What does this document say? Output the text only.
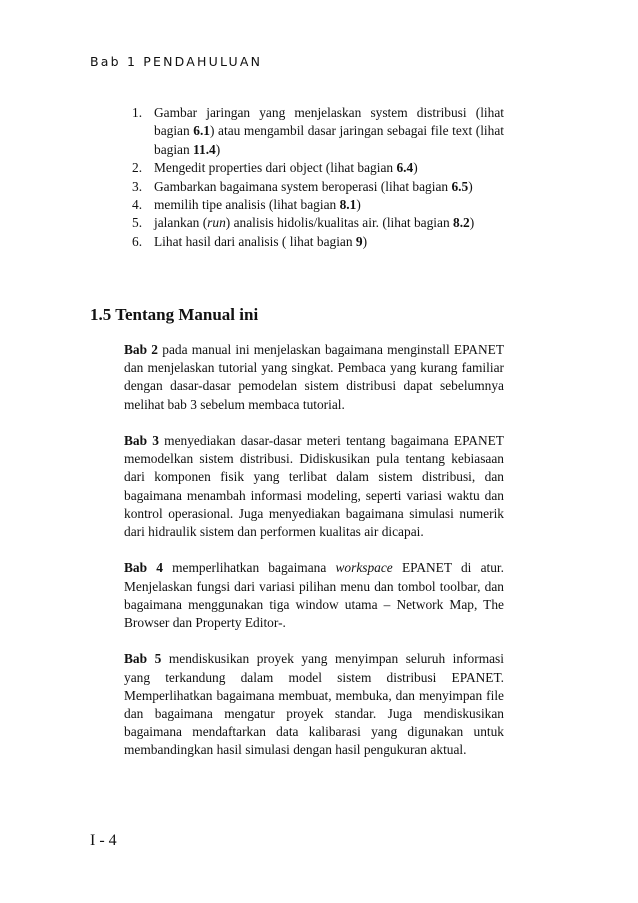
Bab 1 PENDAHULUAN
1. Gambar jaringan yang menjelaskan system distribusi (lihat bagian 6.1) atau mengambil dasar jaringan sebagai file text (lihat bagian 11.4)
2. Mengedit properties dari object (lihat bagian 6.4)
3. Gambarkan bagaimana system beroperasi (lihat bagian 6.5)
4. memilih tipe analisis (lihat bagian 8.1)
5. jalankan (run) analisis hidolis/kualitas air. (lihat bagian 8.2)
6. Lihat hasil dari analisis ( lihat bagian 9)
1.5 Tentang Manual ini

Bab 2 pada manual ini menjelaskan bagaimana menginstall EPANET dan menjelaskan tutorial yang singkat. Pembaca yang kurang familiar dengan dasar-dasar pemodelan sistem distribusi dapat sebelumnya melihat bab 3 sebelum membaca tutorial.

Bab 3 menyediakan dasar-dasar meteri tentang bagaimana EPANET memodelkan sistem distribusi. Didiskusikan pula tentang kebiasaan dari komponen fisik yang terlibat dalam sistem distribusi, dan bagaimana menambah informasi modeling, seperti variasi waktu dan kontrol operasional. Juga menyediakan bagaimana simulasi numerik dari hidraulik sistem dan performen kualitas air dicapai.

Bab 4 memperlihatkan bagaimana workspace EPANET di atur. Menjelaskan fungsi dari variasi pilihan menu dan tombol toolbar, dan bagaimana menggunakan tiga window utama – Network Map, The Browser dan Property Editor-.

Bab 5 mendiskusikan proyek yang menyimpan seluruh informasi yang terkandung dalam model sistem distribusi EPANET. Memperlihatkan bagaimana membuat, membuka, dan menyimpan file dan bagaimana mengatur proyek standar. Juga mendiskusikan bagaimana mendaftarkan data kalibarasi yang digunakan untuk membandingkan hasil simulasi dengan hasil pengukuran aktual.

I - 4
